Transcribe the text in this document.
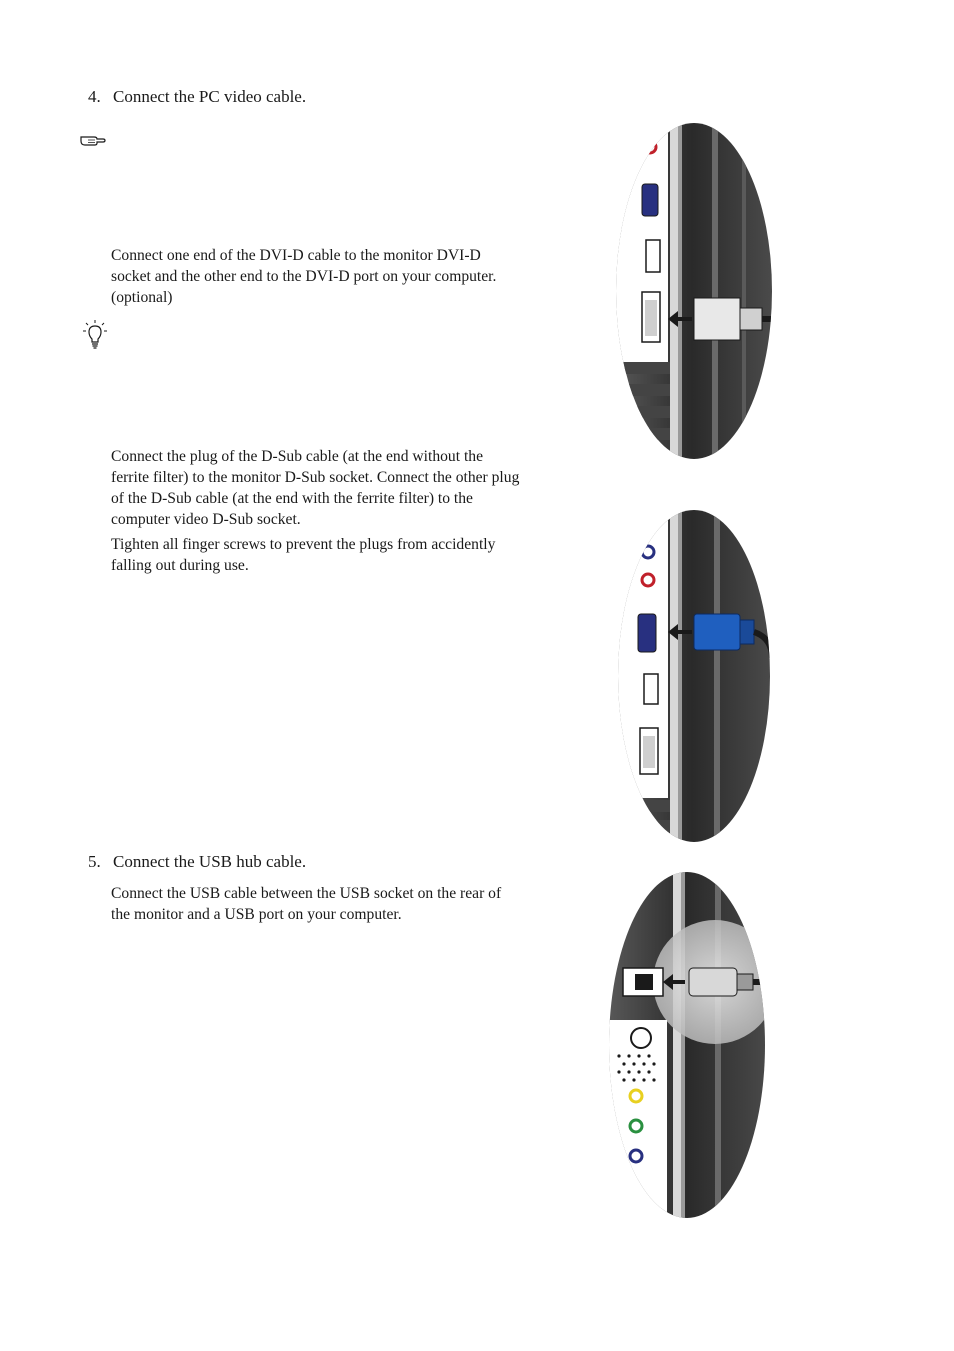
4. Connect the PC video cable.

Connect one end of the DVI-D cable to the monitor DVI-D socket and the other end to the DVI-D port on your computer. (optional)

Connect the plug of the D-Sub cable (at the end without the ferrite filter) to the monitor D-Sub socket. Connect the other plug of the D-Sub cable (at the end with the ferrite filter) to the computer video D-Sub socket.

Tighten all finger screws to prevent the plugs from accidently falling out during use.

5. Connect the USB hub cable.

Connect the USB cable between the USB socket on the rear of the monitor and a USB port on your computer.
